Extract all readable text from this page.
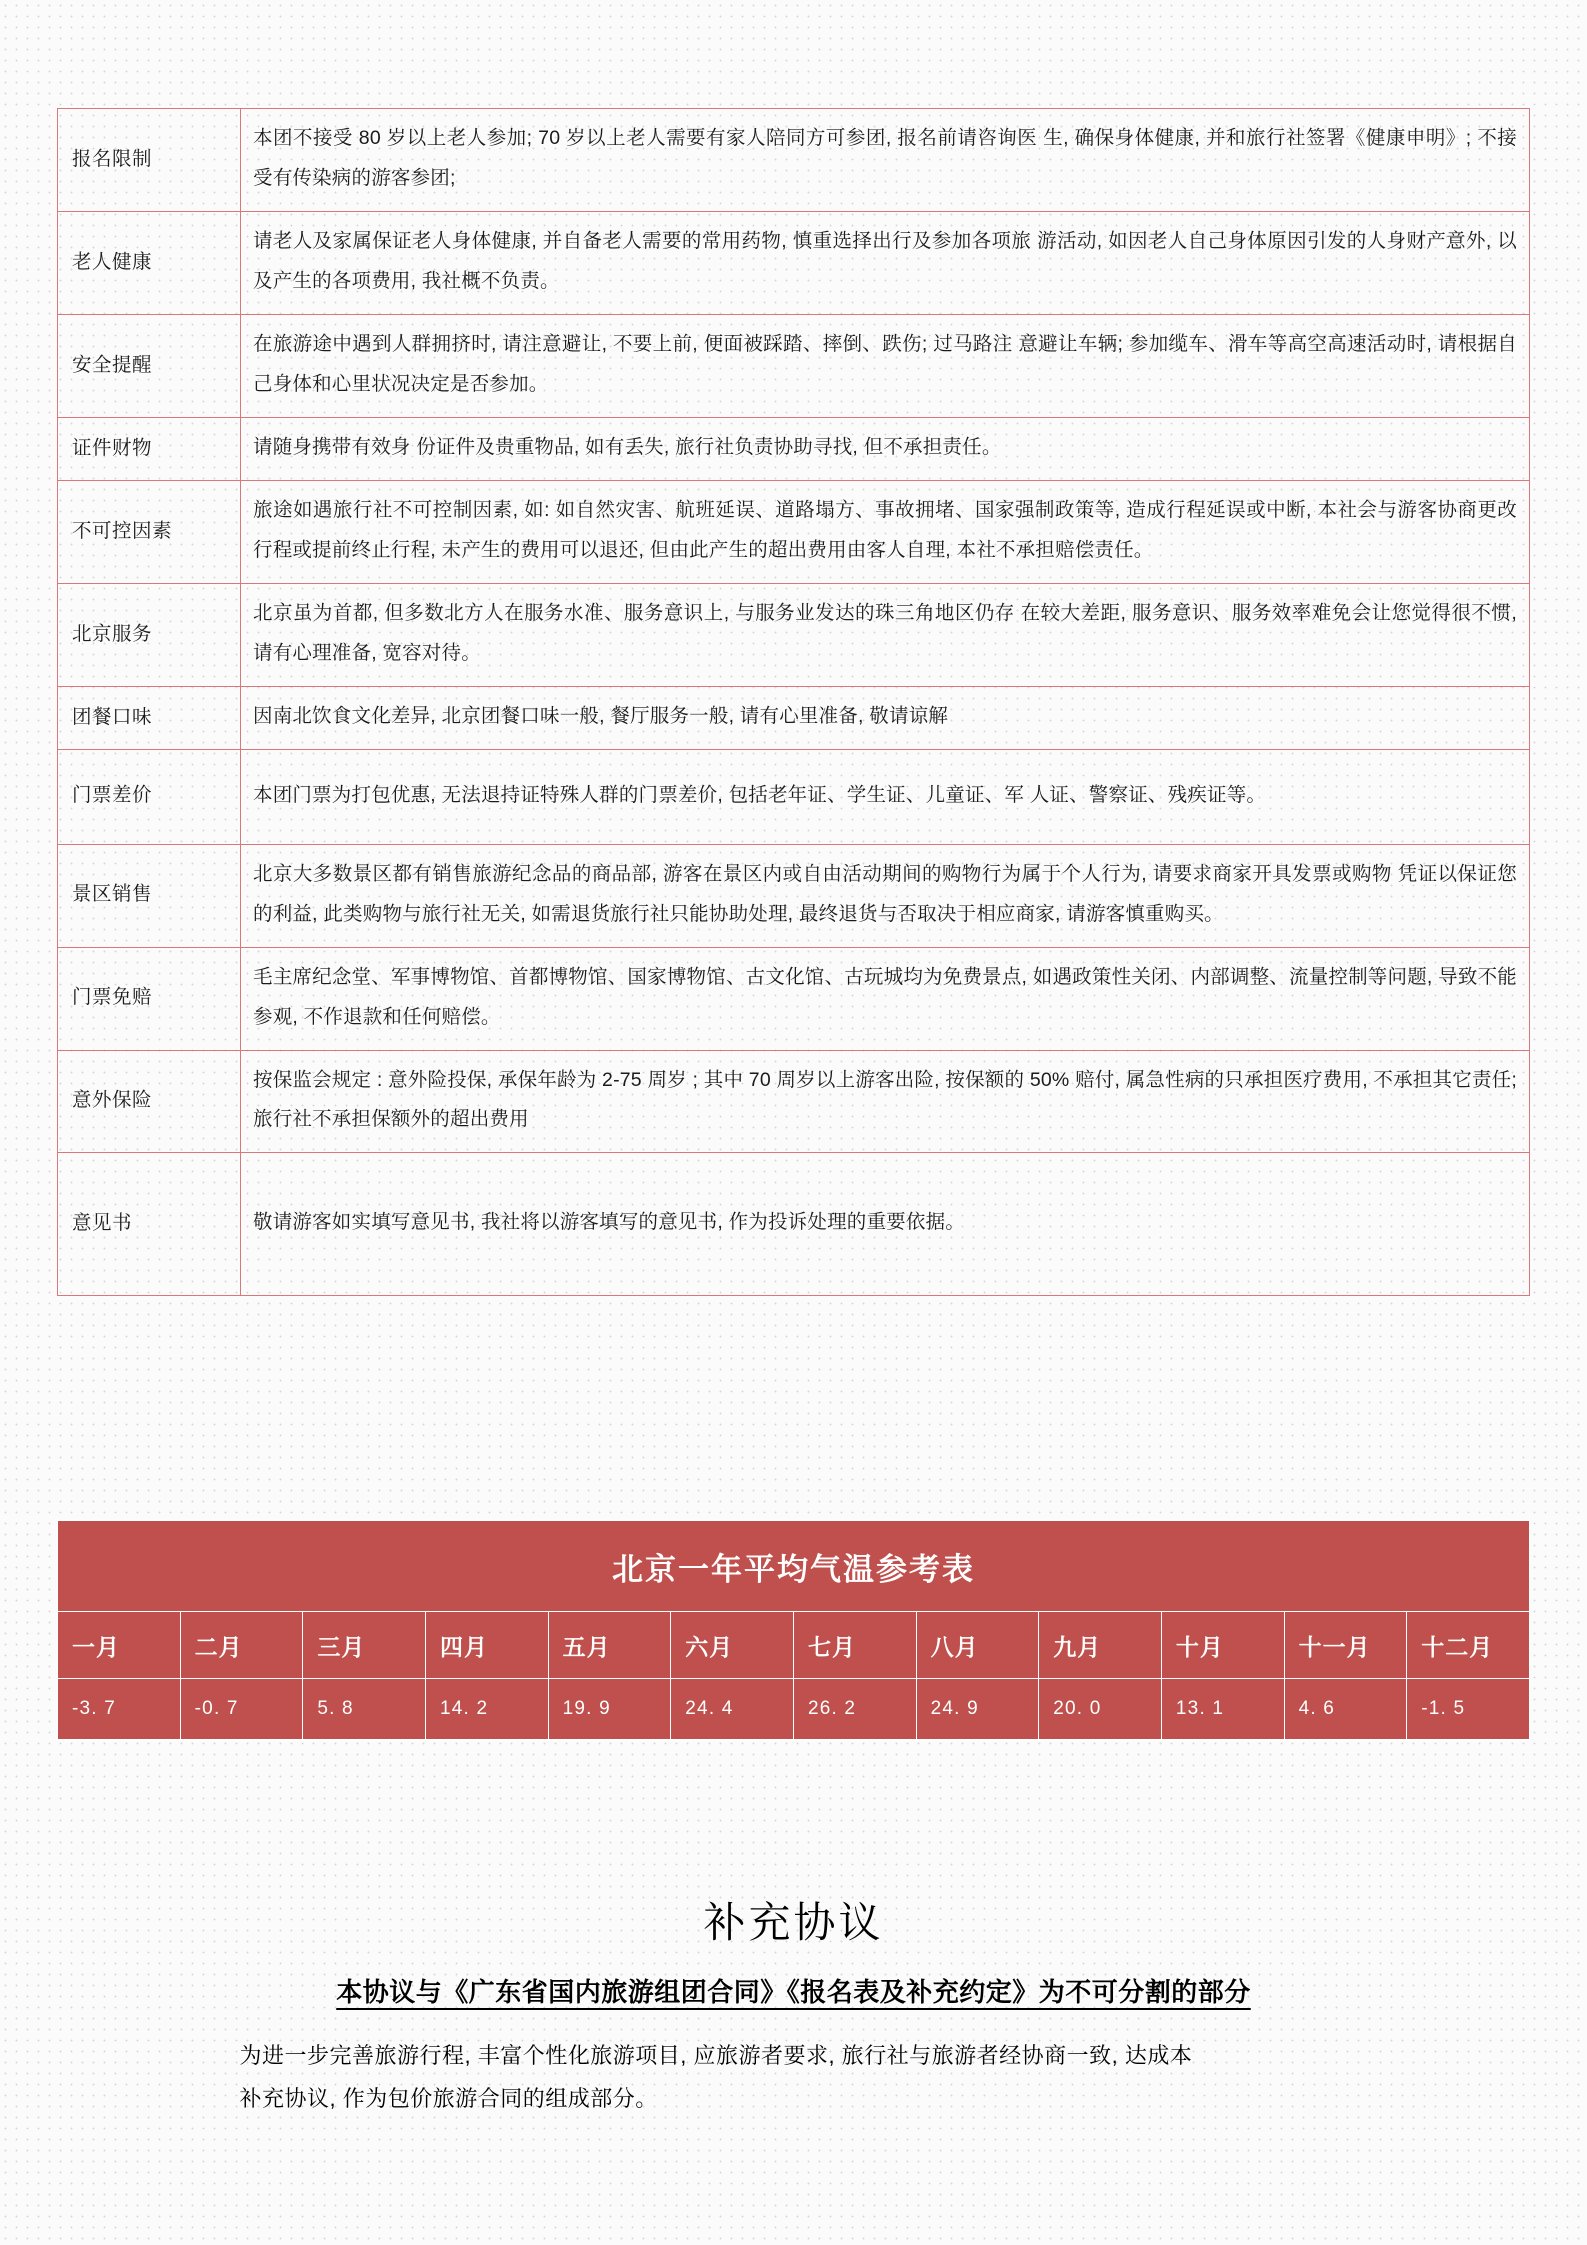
报名限制	本团不接受 80 岁以上老人参加; 70 岁以上老人需要有家人陪同方可参团, 报名前请咨询医 生, 确保身体健康, 并和旅行社签署《健康申明》; 不接受有传染病的游客参团;
老人健康	请老人及家属保证老人身体健康, 并自备老人需要的常用药物, 慎重选择出行及参加各项旅 游活动, 如因老人自己身体原因引发的人身财产意外, 以及产生的各项费用, 我社概不负责。
安全提醒	在旅游途中遇到人群拥挤时, 请注意避让, 不要上前, 便面被踩踏、摔倒、跌伤; 过马路注 意避让车辆; 参加缆车、滑车等高空高速活动时, 请根据自己身体和心里状况决定是否参加。
证件财物	请随身携带有效身 份证件及贵重物品, 如有丢失, 旅行社负责协助寻找, 但不承担责任。
不可控因素	旅途如遇旅行社不可控制因素, 如: 如自然灾害、航班延误、道路塌方、事故拥堵、国家强制政策等, 造成行程延误或中断, 本社会与游客协商更改行程或提前终止行程, 未产生的费用可以退还, 但由此产生的超出费用由客人自理, 本社不承担赔偿责任。
北京服务	北京虽为首都, 但多数北方人在服务水准、服务意识上, 与服务业发达的珠三角地区仍存 在较大差距, 服务意识、服务效率难免会让您觉得很不惯, 请有心理准备, 宽容对待。
团餐口味	因南北饮食文化差异, 北京团餐口味一般, 餐厅服务一般, 请有心里准备, 敬请谅解
门票差价	本团门票为打包优惠, 无法退持证特殊人群的门票差价, 包括老年证、学生证、儿童证、军 人证、警察证、残疾证等。
景区销售	北京大多数景区都有销售旅游纪念品的商品部, 游客在景区内或自由活动期间的购物行为属于个人行为, 请要求商家开具发票或购物 凭证以保证您的利益, 此类购物与旅行社无关, 如需退货旅行社只能协助处理, 最终退货与否取决于相应商家, 请游客慎重购买。
门票免赔	毛主席纪念堂、军事博物馆、首都博物馆、国家博物馆、古文化馆、古玩城均为免费景点, 如遇政策性关闭、内部调整、流量控制等问题, 导致不能参观, 不作退款和任何赔偿。
意外保险	按保监会规定 : 意外险投保, 承保年龄为 2-75 周岁 ; 其中 70 周岁以上游客出险, 按保额的 50% 赔付, 属急性病的只承担医疗费用, 不承担其它责任; 旅行社不承担保额外的超出费用
意见书	敬请游客如实填写意见书, 我社将以游客填写的意见书, 作为投诉处理的重要依据。
北京一年平均气温参考表											
一月	二月	三月	四月	五月	六月	七月	八月	九月	十月	十一月	十二月
-3. 7	-0. 7	5. 8	14. 2	19. 9	24. 4	26. 2	24. 9	20. 0	13. 1	4. 6	-1. 5
补充协议
本协议与《广东省国内旅游组团合同》《报名表及补充约定》为不可分割的部分
为进一步完善旅游行程, 丰富个性化旅游项目, 应旅游者要求, 旅行社与旅游者经协商一致, 达成本
补充协议, 作为包价旅游合同的组成部分。
